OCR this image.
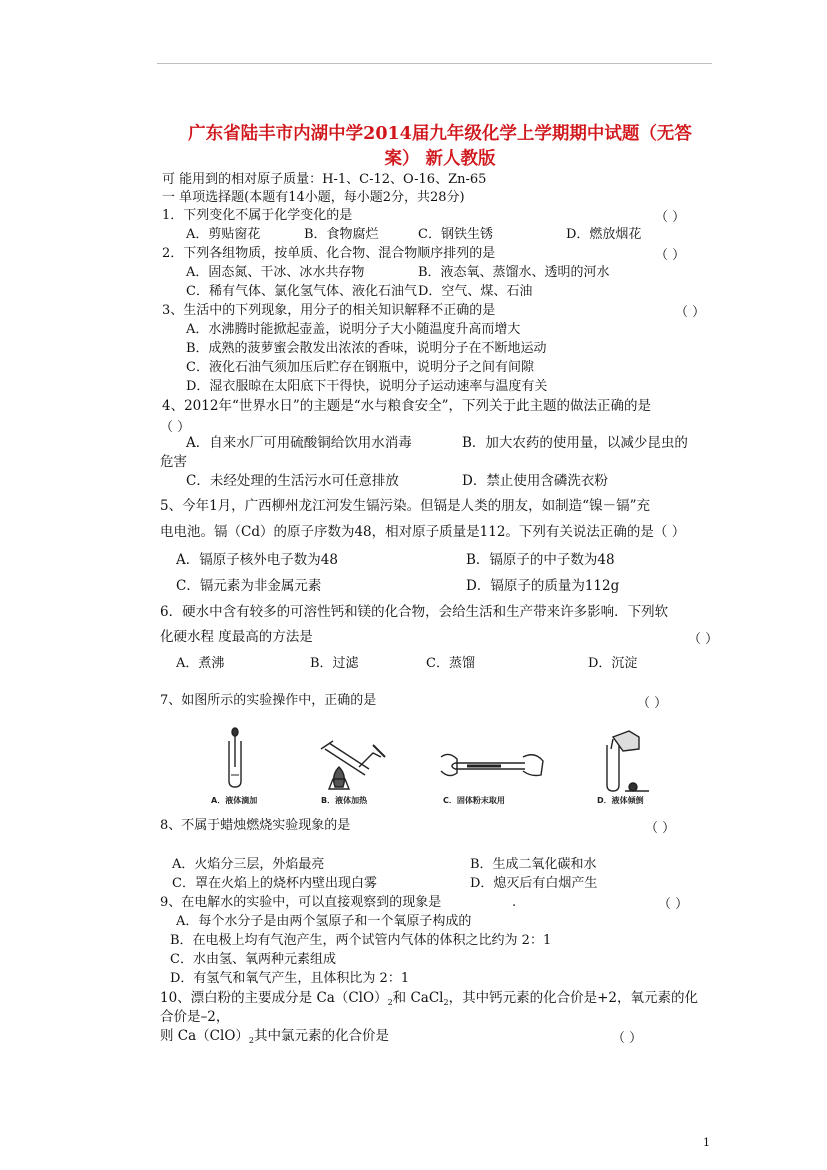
广东省陆丰市内湖中学2014届九年级化学上学期期中试题（无答
案） 新人教版
可 能用到的相对原子质量：H-1、C-12、O-16、Zn-65
一 单项选择题(本题有14小题，每小题2分，共28分)
1．下列变化不属于化学变化的是	（ ）
A．剪贴窗花	B．食物腐烂	C．钢铁生锈	D．燃放烟花
2．下列各组物质，按单质、化合物、混合物顺序排列的是	（ ）
A．固态氮、干冰、冰水共存物	B．液态氧、蒸馏水、透明的河水
C．稀有气体、氯化氢气体、液化石油气 D．空气、煤、石油
3、生活中的下列现象，用分子的相关知识解释不正确的是	（ ）
A．水沸腾时能掀起壶盖，说明分子大小随温度升高而增大
B．成熟的菠萝蜜会散发出浓浓的香味，说明分子在不断地运动
C．液化石油气须加压后贮存在钢瓶中，说明分子之间有间隙
D．湿衣服晾在太阳底下干得快，说明分子运动速率与温度有关
4、2012年“世界水日”的主题是“水与粮食安全”，下列关于此主题的做法正确的是
（ ）
A．自来水厂可用硫酸铜给饮用水消毒	B．加大农药的使用量，以减少昆虫的
危害
C．未经处理的生活污水可任意排放	D．禁止使用含磷洗衣粉
5、今年1月，广西柳州龙江河发生镉污染。但镉是人类的朋友，如制造“镍－镉”充
电电池。镉（Cd）的原子序数为48，相对原子质量是112。下列有关说法正确的是（ ）
A．镉原子核外电子数为48	B．镉原子的中子数为48
C．镉元素为非金属元素	D．镉原子的质量为112g
6．硬水中含有较多的可溶性钙和镁的化合物，会给生活和生产带来许多影响．下列软
化硬水程 度最高的方法是	（ ）
A．煮沸	B．过滤	C．蒸馏	D．沉淀
7、如图所示的实验操作中，正确的是	（ ）
A．液体滴加	B．液体加热	C．固体粉末取用	D．液体倾倒
8、不属于蜡烛燃烧实验现象的是	（ ）
A．火焰分三层，外焰最亮	B．生成二氧化碳和水
C．罩在火焰上的烧杯内壁出现白雾	D．熄灭后有白烟产生
9、在电解水的实验中，可以直接观察到的现象是	.	（ ）
A．每个水分子是由两个氢原子和一个氧原子构成的
B．在电极上均有气泡产生，两个试管内气体的体积之比约为 2：1
C．水由氢、氧两种元素组成
D．有氢气和氧气产生，且体积比为 2：1
10、漂白粉的主要成分是 $Ca(ClO)_2$和 CaCl$_2$，其中钙元素的化合价是+2，氧元素的化
合价是–2，
则 $Ca(ClO)_2$其中氯元素的化合价是	（ ）
1
